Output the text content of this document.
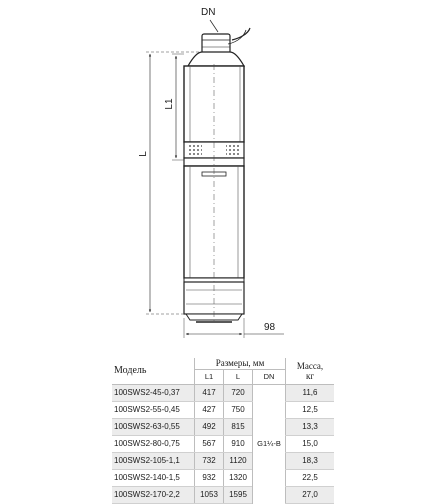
DN
L1
L
98
Модель	Размеры, мм			Масса,
кг
	L1	L	DN	
100SWS2-45-0,37	417	720	G1¼-B	11,6
100SWS2-55-0,45	427	750		12,5
100SWS2-63-0,55	492	815		13,3
100SWS2-80-0,75	567	910		15,0
100SWS2-105-1,1	732	1120		18,3
100SWS2-140-1,5	932	1320		22,5
100SWS2-170-2,2	1053	1595		27,0
